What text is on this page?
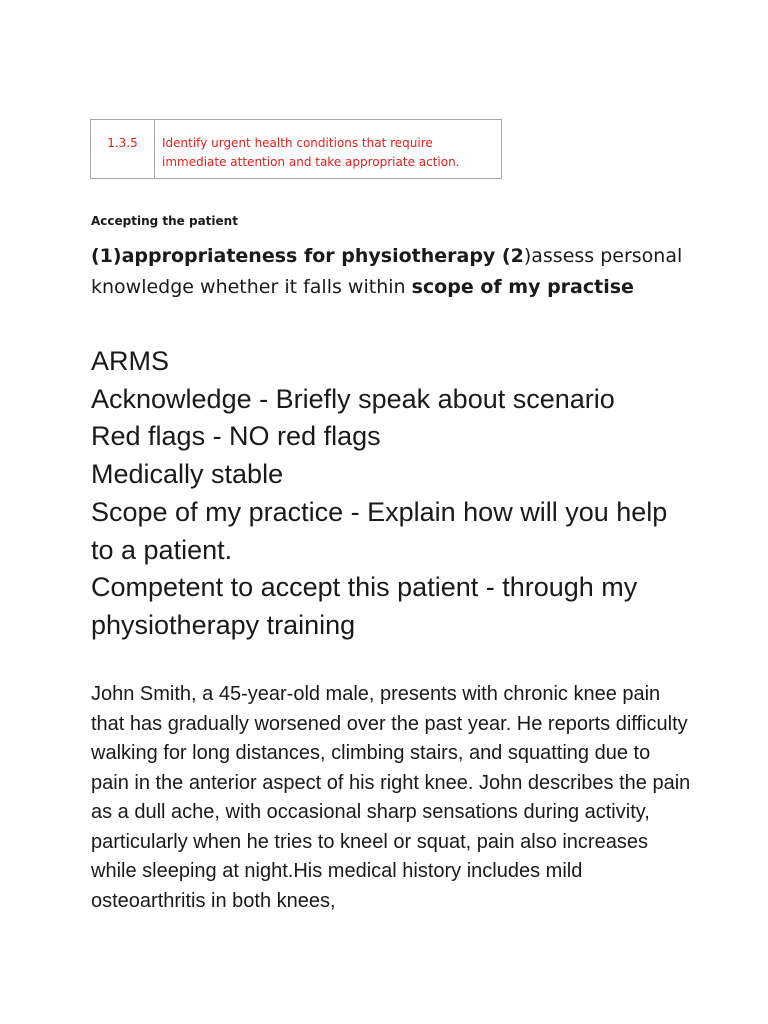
1.3.5	Identify urgent health conditions that require
immediate attention and take appropriate action.
Accepting the patient
(1)appropriateness for physiotherapy (2)assess personal knowledge whether it falls within scope of my practise
ARMS
Acknowledge - Briefly speak about scenario
Red flags - NO red flags
Medically stable
Scope of my practice - Explain how will you help to a patient.
Competent to accept this patient - through my physiotherapy training
John Smith, a 45-year-old male, presents with chronic knee pain that has gradually worsened over the past year. He reports difficulty walking for long distances, climbing stairs, and squatting due to pain in the anterior aspect of his right knee. John describes the pain as a dull ache, with occasional sharp sensations during activity, particularly when he tries to kneel or squat, pain also increases while sleeping at night.His medical history includes mild osteoarthritis in both knees,
